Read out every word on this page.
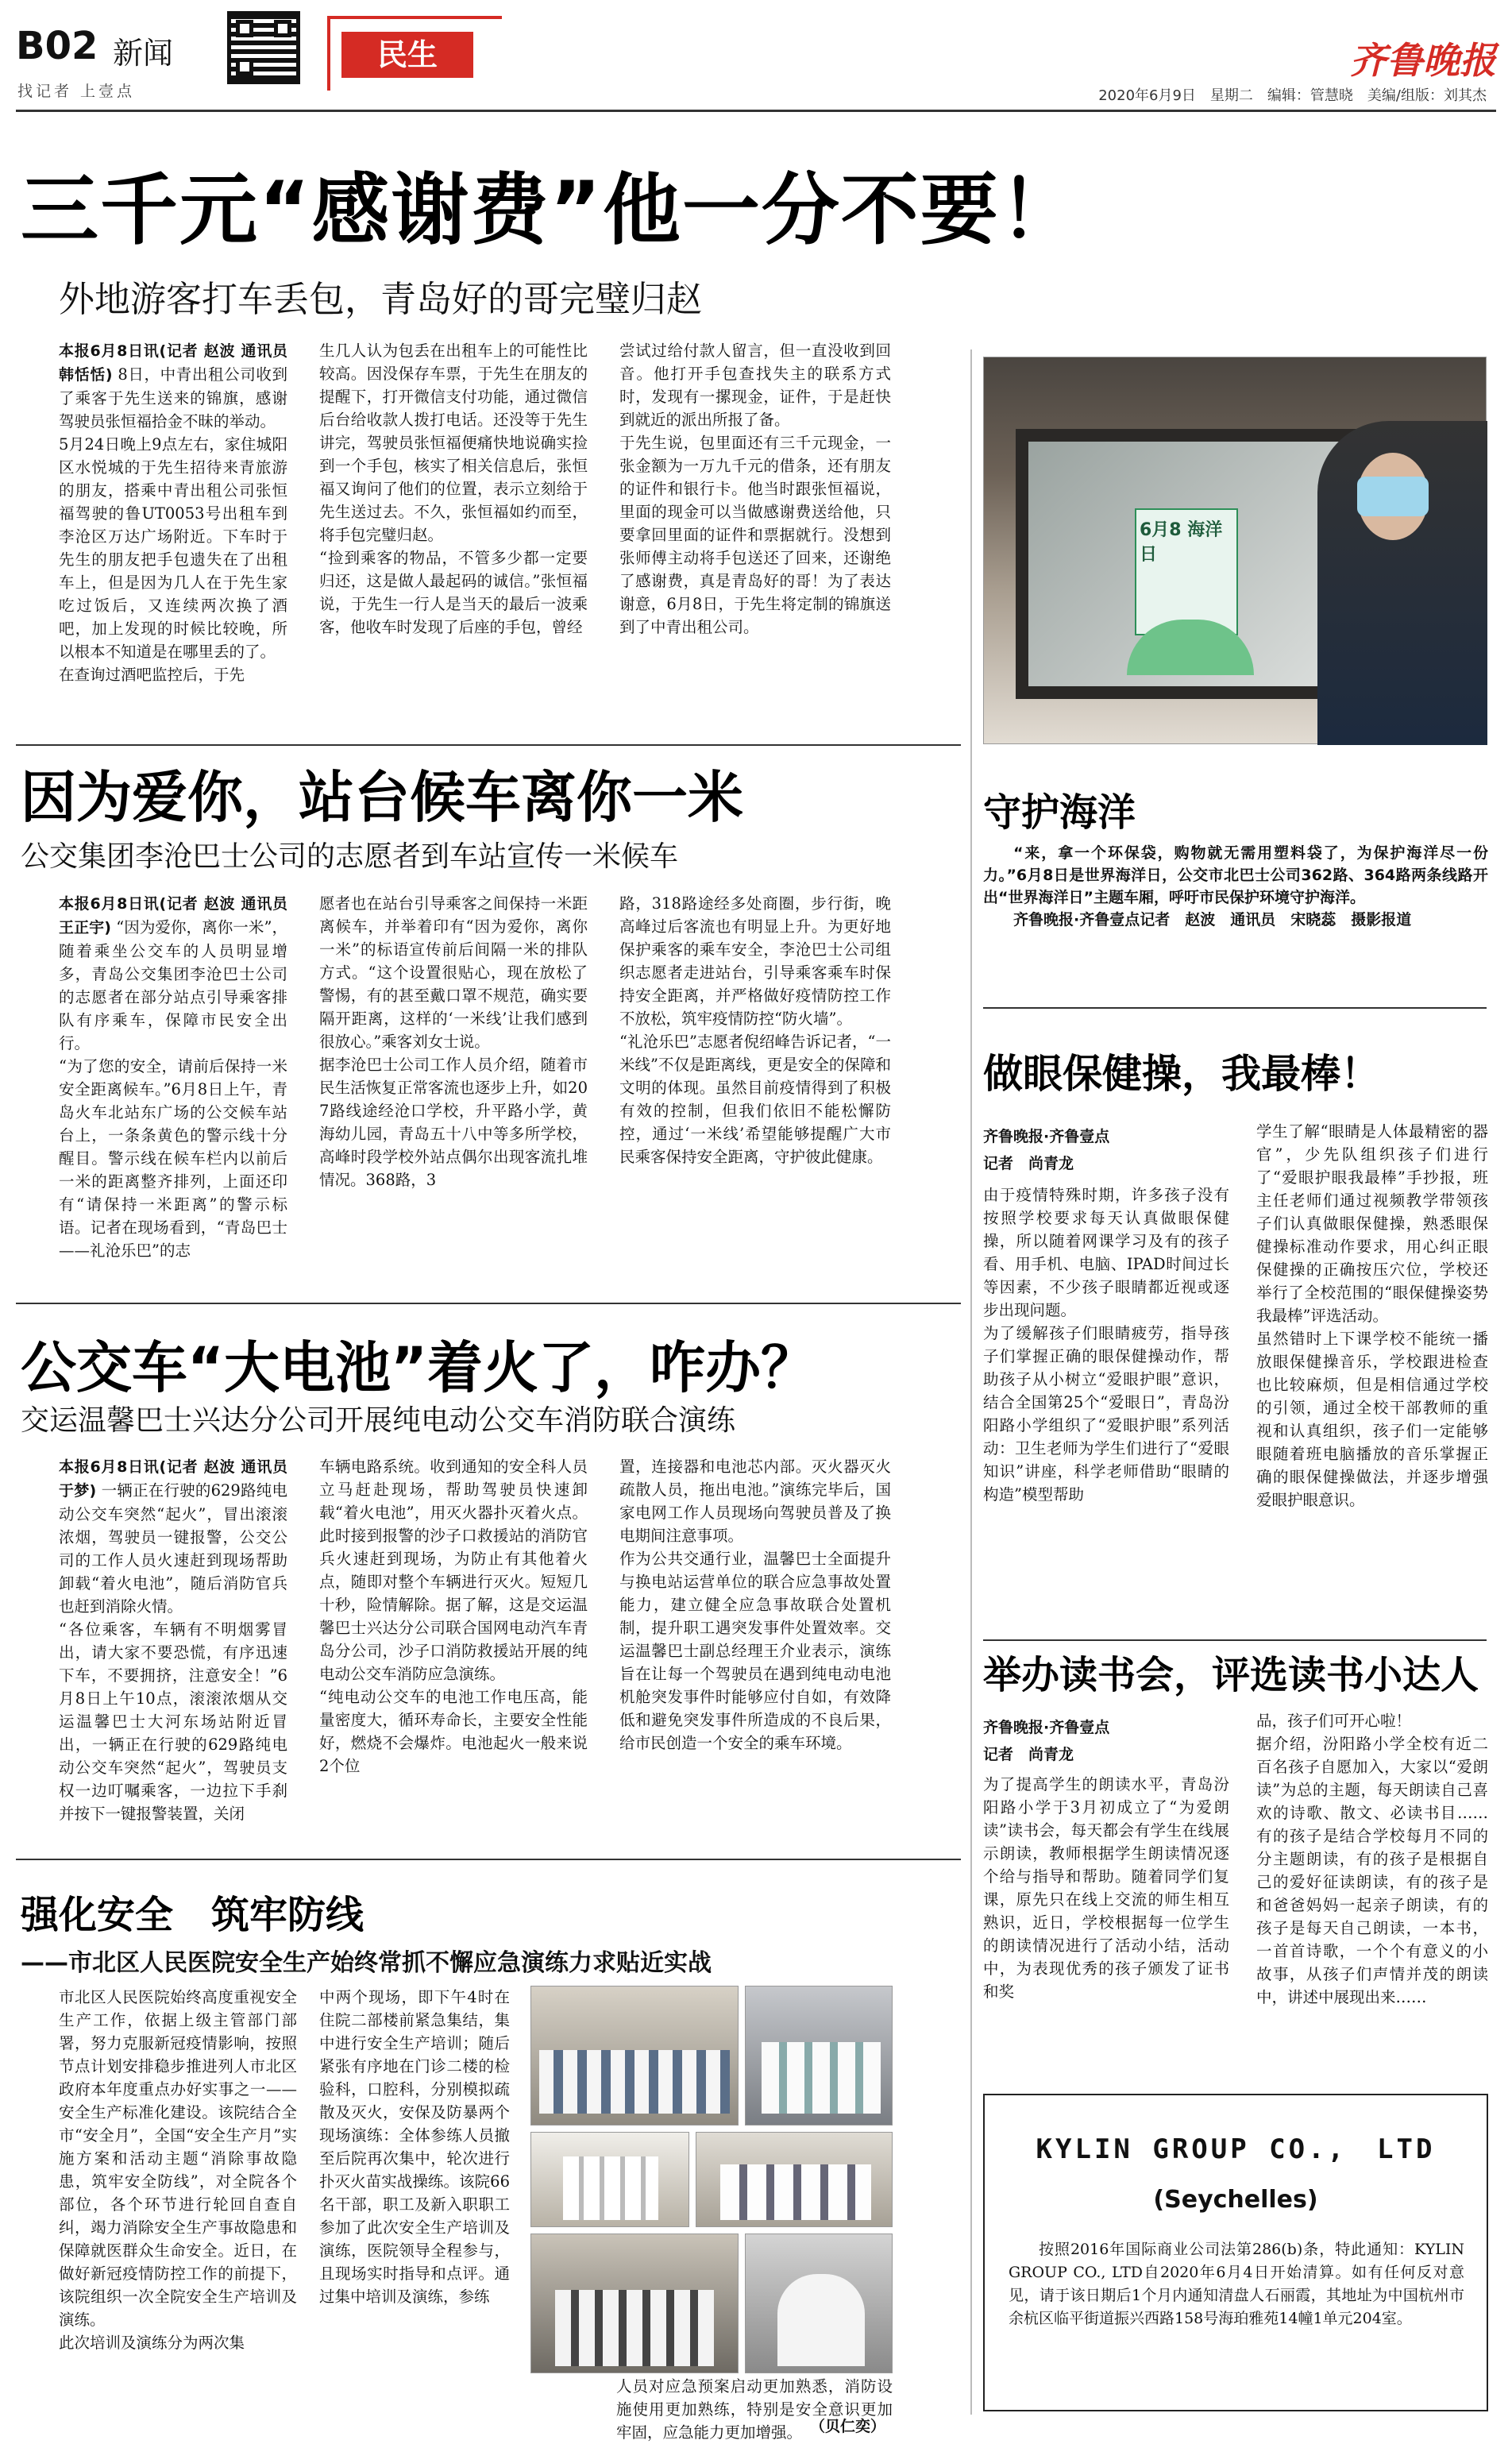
B02 新闻
找记者 上壹点
民生	齐鲁晚报
2020年6月9日　星期二　编辑：管慧晓　美编/组版：刘其杰
三千元“感谢费”他一分不要！
外地游客打车丢包，青岛好的哥完璧归赵
本报6月8日讯(记者 赵波 通讯员 韩恬恬) 8日，中青出租公司收到了乘客于先生送来的锦旗，感谢驾驶员张恒福拾金不昧的举动。
5月24日晚上9点左右，家住城阳区水悦城的于先生招待来青旅游的朋友，搭乘中青出租公司张恒福驾驶的鲁UT0053号出租车到李沧区万达广场附近。下车时于先生的朋友把手包遗失在了出租车上，但是因为几人在于先生家吃过饭后，又连续两次换了酒吧，加上发现的时候比较晚，所以根本不知道是在哪里丢的了。
在查询过酒吧监控后，于先
生几人认为包丢在出租车上的可能性比较高。因没保存车票，于先生在朋友的提醒下，打开微信支付功能，通过微信后台给收款人拨打电话。还没等于先生讲完，驾驶员张恒福便痛快地说确实捡到一个手包，核实了相关信息后，张恒福又询问了他们的位置，表示立刻给于先生送过去。不久，张恒福如约而至，将手包完璧归赵。
“捡到乘客的物品，不管多少都一定要归还，这是做人最起码的诚信。”张恒福说，于先生一行人是当天的最后一波乘客，他收车时发现了后座的手包，曾经
尝试过给付款人留言，但一直没收到回音。他打开手包查找失主的联系方式时，发现有一摞现金，证件，于是赶快到就近的派出所报了备。
于先生说，包里面还有三千元现金，一张金额为一万九千元的借条，还有朋友的证件和银行卡。他当时跟张恒福说，里面的现金可以当做感谢费送给他，只要拿回里面的证件和票据就行。没想到张师傅主动将手包送还了回来，还谢绝了感谢费，真是青岛好的哥！为了表达谢意，6月8日，于先生将定制的锦旗送到了中青出租公司。
6月8 海洋日
守护海洋

“来，拿一个环保袋，购物就无需用塑料袋了，为保护海洋尽一份力。”6月8日是世界海洋日，公交市北巴士公司362路、364路两条线路开出“世界海洋日”主题车厢，呼吁市民保护环境守护海洋。

齐鲁晚报·齐鲁壹点记者　赵波　通讯员　宋晓蕊　摄影报道

因为爱你，站台候车离你一米
公交集团李沧巴士公司的志愿者到车站宣传一米候车
本报6月8日讯(记者 赵波 通讯员 王正宇) “因为爱你，离你一米”，随着乘坐公交车的人员明显增多，青岛公交集团李沧巴士公司的志愿者在部分站点引导乘客排队有序乘车，保障市民安全出行。
“为了您的安全，请前后保持一米安全距离候车。”6月8日上午，青岛火车北站东广场的公交候车站台上，一条条黄色的警示线十分醒目。警示线在候车栏内以前后一米的距离整齐排列，上面还印有“请保持一米距离”的警示标语。记者在现场看到，“青岛巴士——礼沧乐巴”的志
愿者也在站台引导乘客之间保持一米距离候车，并举着印有“因为爱你，离你一米”的标语宣传前后间隔一米的排队方式。“这个设置很贴心，现在放松了警惕，有的甚至戴口罩不规范，确实要隔开距离，这样的‘一米线’让我们感到很放心。”乘客刘女士说。
据李沧巴士公司工作人员介绍，随着市民生活恢复正常客流也逐步上升，如207路线途经沧口学校，升平路小学，黄海幼儿园，青岛五十八中等多所学校，高峰时段学校外站点偶尔出现客流扎堆情况。368路，3
路，318路途经多处商圈，步行街，晚高峰过后客流也有明显上升。为更好地保护乘客的乘车安全，李沧巴士公司组织志愿者走进站台，引导乘客乘车时保持安全距离，并严格做好疫情防控工作不放松，筑牢疫情防控“防火墙”。
“礼沧乐巴”志愿者倪绍峰告诉记者，“一米线”不仅是距离线，更是安全的保障和文明的体现。虽然目前疫情得到了积极有效的控制，但我们依旧不能松懈防控，通过‘一米线’希望能够提醒广大市民乘客保持安全距离，守护彼此健康。
做眼保健操，我最棒！
齐鲁晚报·齐鲁壹点
记者　尚青龙
由于疫情特殊时期，许多孩子没有按照学校要求每天认真做眼保健操，所以随着网课学习及有的孩子看、用手机、电脑、IPAD时间过长等因素，不少孩子眼睛都近视或逐步出现问题。
为了缓解孩子们眼睛疲劳，指导孩子们掌握正确的眼保健操动作，帮助孩子从小树立“爱眼护眼”意识，结合全国第25个“爱眼日”，青岛汾阳路小学组织了“爱眼护眼”系列活动：卫生老师为学生们进行了“爱眼知识”讲座，科学老师借助“眼睛的构造”模型帮助
学生了解“眼睛是人体最精密的器官”，少先队组织孩子们进行了“爱眼护眼我最棒”手抄报，班主任老师们通过视频教学带领孩子们认真做眼保健操，熟悉眼保健操标准动作要求，用心纠正眼保健操的正确按压穴位，学校还举行了全校范围的“眼保健操姿势我最棒”评选活动。
虽然错时上下课学校不能统一播放眼保健操音乐，学校跟进检查也比较麻烦，但是相信通过学校的引领，通过全校干部教师的重视和认真组织，孩子们一定能够眼随着班电脑播放的音乐掌握正确的眼保健操做法，并逐步增强爱眼护眼意识。
公交车“大电池”着火了，咋办？
交运温馨巴士兴达分公司开展纯电动公交车消防联合演练
本报6月8日讯(记者 赵波 通讯员 于梦) 一辆正在行驶的629路纯电动公交车突然“起火”，冒出滚滚浓烟，驾驶员一键报警，公交公司的工作人员火速赶到现场帮助卸载“着火电池”，随后消防官兵也赶到消除火情。
“各位乘客，车辆有不明烟雾冒出，请大家不要恐慌，有序迅速下车，不要拥挤，注意安全！”6月8日上午10点，滚滚浓烟从交运温馨巴士大河东场站附近冒出，一辆正在行驶的629路纯电动公交车突然“起火”，驾驶员支权一边叮嘱乘客，一边拉下手刹并按下一键报警装置，关闭
车辆电路系统。收到通知的安全科人员立马赶赴现场，帮助驾驶员快速卸载“着火电池”，用灭火器扑灭着火点。此时接到报警的沙子口救援站的消防官兵火速赶到现场，为防止有其他着火点，随即对整个车辆进行灭火。短短几十秒，险情解除。据了解，这是交运温馨巴士兴达分公司联合国网电动汽车青岛分公司，沙子口消防救援站开展的纯电动公交车消防应急演练。
“纯电动公交车的电池工作电压高，能量密度大，循环寿命长，主要安全性能好，燃烧不会爆炸。电池起火一般来说2个位
置，连接器和电池芯内部。灭火器灭火疏散人员，拖出电池。”演练完毕后，国家电网工作人员现场向驾驶员普及了换电期间注意事项。
作为公共交通行业，温馨巴士全面提升与换电站运营单位的联合应急事故处置能力，建立健全应急事故联合处置机制，提升职工遇突发事件处置效率。交运温馨巴士副总经理王介业表示，演练旨在让每一个驾驶员在遇到纯电动电池机舱突发事件时能够应付自如，有效降低和避免突发事件所造成的不良后果，给市民创造一个安全的乘车环境。
举办读书会，评选读书小达人
齐鲁晚报·齐鲁壹点
记者　尚青龙
为了提高学生的朗读水平，青岛汾阳路小学于3月初成立了“为爱朗读”读书会，每天都会有学生在线展示朗读，教师根据学生朗读情况逐个给与指导和帮助。随着同学们复课，原先只在线上交流的师生相互熟识，近日，学校根据每一位学生的朗读情况进行了活动小结，活动中，为表现优秀的孩子颁发了证书和奖
品，孩子们可开心啦！
据介绍，汾阳路小学全校有近二百名孩子自愿加入，大家以“爱朗读”为总的主题，每天朗读自己喜欢的诗歌、散文、必读书目……有的孩子是结合学校每月不同的分主题朗读，有的孩子是根据自己的爱好征读朗读，有的孩子是和爸爸妈妈一起亲子朗读，有的孩子是每天自己朗读，一本书，一首首诗歌，一个个有意义的小故事，从孩子们声情并茂的朗读中，讲述中展现出来……
KYLIN GROUP CO.,　LTD
(Seychelles)
按照2016年国际商业公司法第286(b)条，特此通知：KYLIN GROUP CO., LTD自2020年6月4日开始清算。如有任何反对意见，请于该日期后1个月内通知清盘人石丽霞，其地址为中国杭州市余杭区临平街道振兴西路158号海珀雅苑14幢1单元204室。
强化安全　筑牢防线
——市北区人民医院安全生产始终常抓不懈应急演练力求贴近实战
市北区人民医院始终高度重视安全生产工作，依据上级主管部门部署，努力克服新冠疫情影响，按照节点计划安排稳步推进列人市北区政府本年度重点办好实事之一——安全生产标准化建设。该院结合全市“安全月”，全国“安全生产月”实施方案和活动主题“消除事故隐患，筑牢安全防线”，对全院各个部位，各个环节进行轮回自查自纠，竭力消除安全生产事故隐患和保障就医群众生命安全。近日，在做好新冠疫情防控工作的前提下，该院组织一次全院安全生产培训及演练。
此次培训及演练分为两次集
中两个现场，即下午4时在住院二部楼前紧急集结，集中进行安全生产培训；随后紧张有序地在门诊二楼的检验科，口腔科，分别模拟疏散及灭火，安保及防暴两个现场演练：全体参练人员撤至后院再次集中，轮次进行扑灭火苗实战操练。该院66名干部，职工及新入职职工参加了此次安全生产培训及演练，医院领导全程参与，且现场实时指导和点评。通过集中培训及演练，参练
人员对应急预案启动更加熟悉，消防设施使用更加熟练，特别是安全意识更加牢固，应急能力更加增强。 （贝仁奕）
